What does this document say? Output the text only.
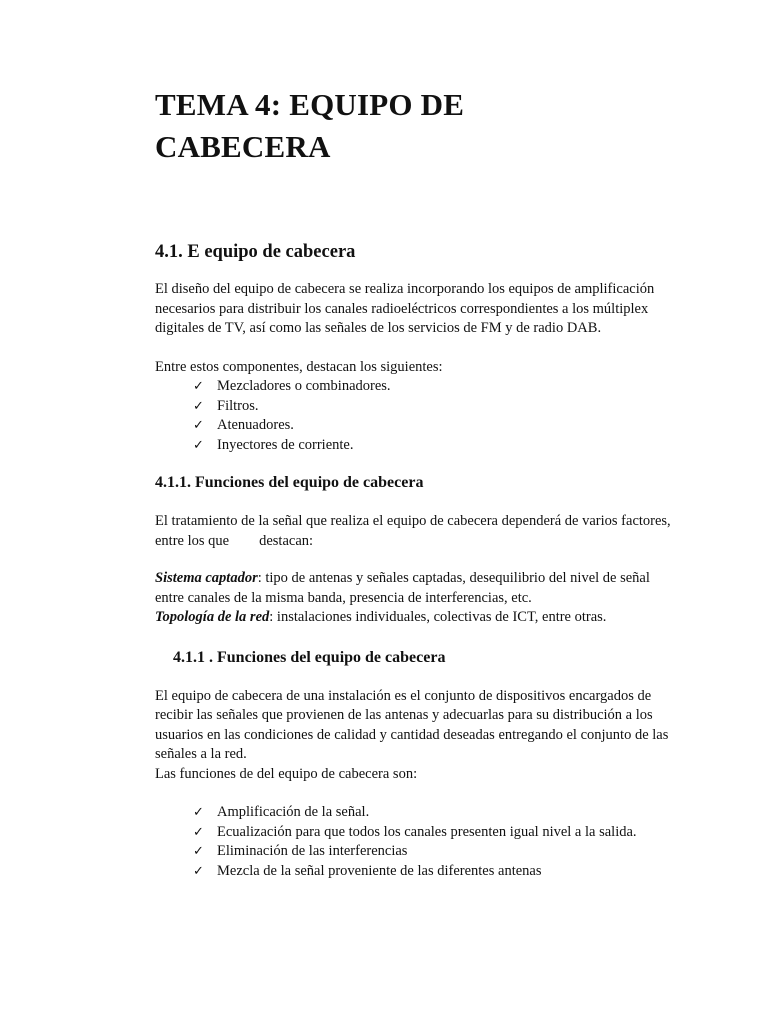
TEMA 4: EQUIPO DE
CABECERA
4.1. E equipo de cabecera

El diseño del equipo de cabecera se realiza incorporando los equipos de amplificación necesarios para distribuir los canales radioeléctricos correspondientes a los múltiplex digitales de TV, así como las señales de los servicios de FM y de radio DAB.

Entre estos componentes, destacan los siguientes:

✓ Mezcladores o combinadores.
✓ Filtros.
✓ Atenuadores.
✓ Inyectores de corriente.
4.1.1. Funciones del equipo de cabecera

El tratamiento de la señal que realiza el equipo de cabecera dependerá de varios factores, entre los que destacan:

Sistema captador: tipo de antenas y señales captadas, desequilibrio del nivel de señal entre canales de la misma banda, presencia de interferencias, etc.

Topología de la red: instalaciones individuales, colectivas de ICT, entre otras.

4.1.1 . Funciones del equipo de cabecera

El equipo de cabecera de una instalación es el conjunto de dispositivos encargados de recibir las señales que provienen de las antenas y adecuarlas para su distribución a los usuarios en las condiciones de calidad y cantidad deseadas entregando el conjunto de las señales a la red.

Las funciones de del equipo de cabecera son:

✓ Amplificación de la señal.
✓ Ecualización para que todos los canales presenten igual nivel a la salida.
✓ Eliminación de las interferencias
✓ Mezcla de la señal proveniente de las diferentes antenas
